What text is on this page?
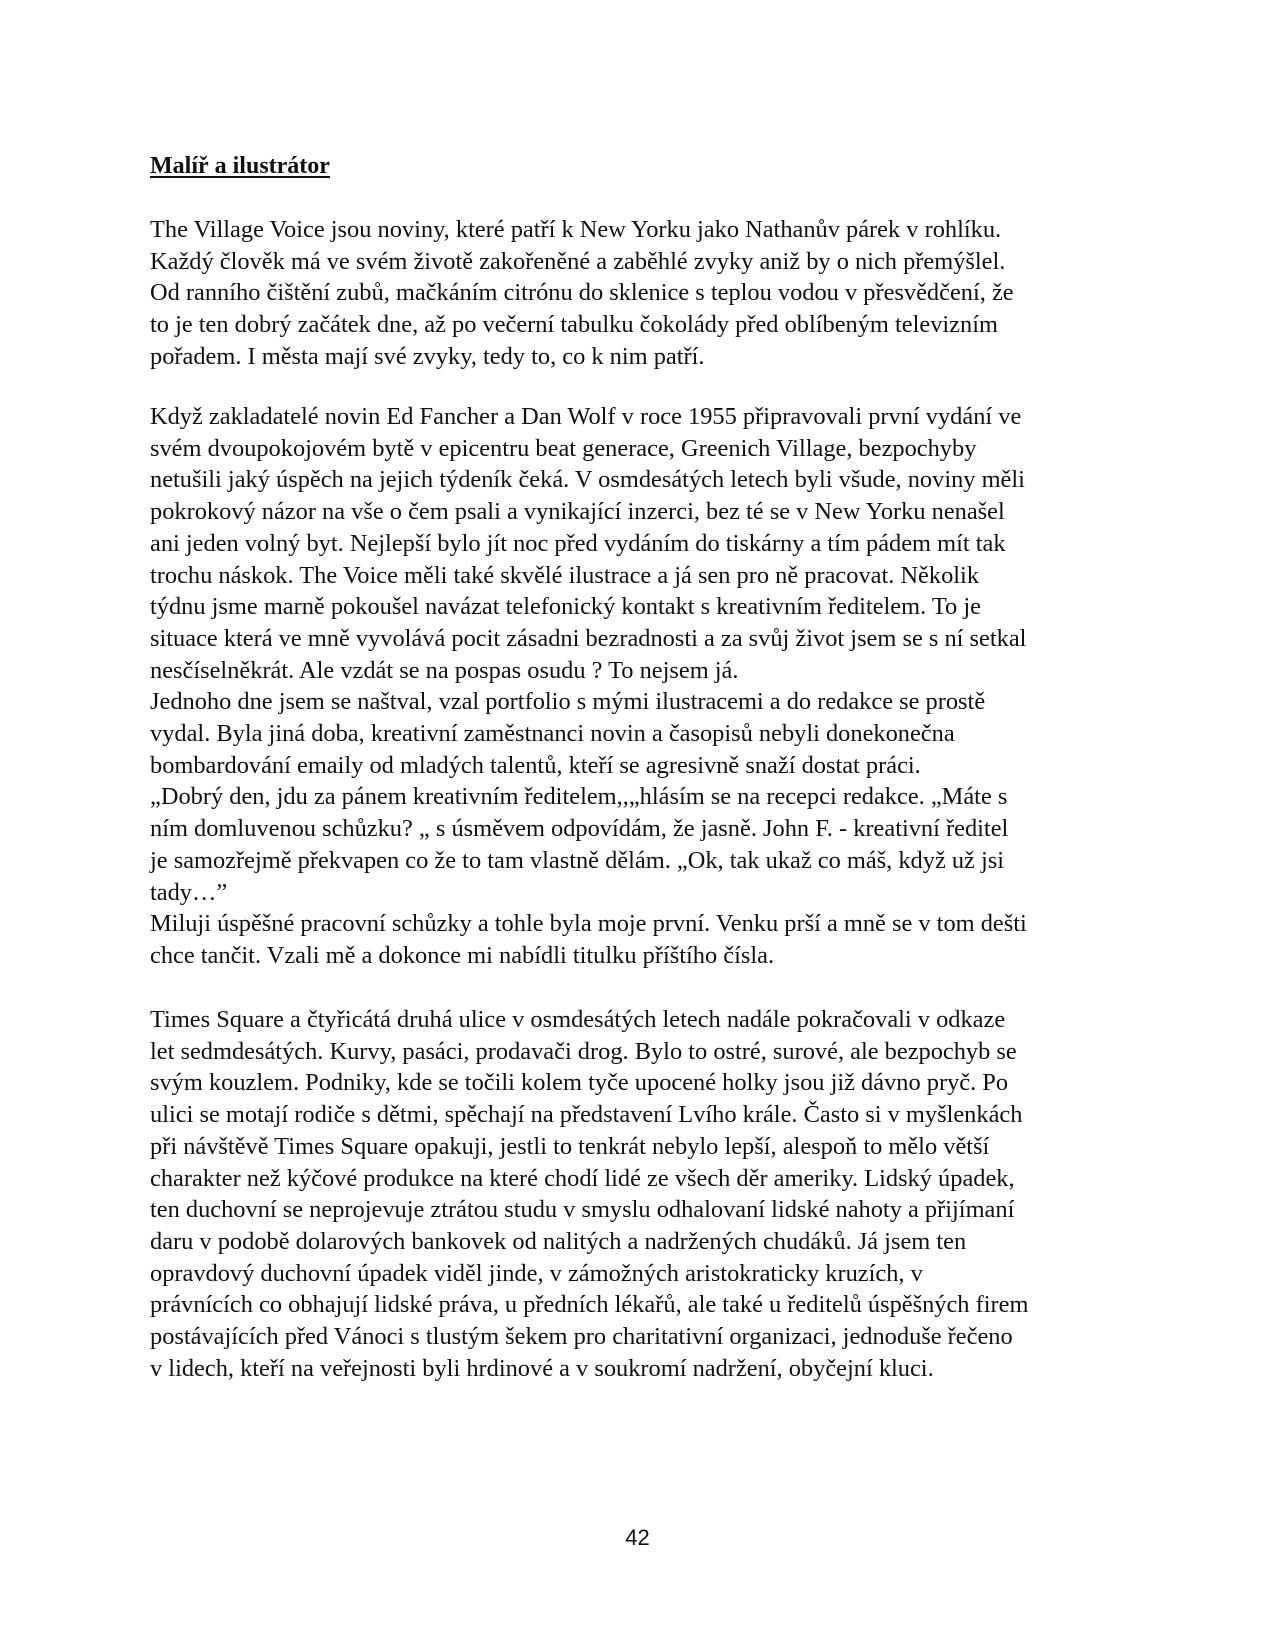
Malíř a ilustrátor

The Village Voice jsou noviny, které patří k New Yorku jako Nathanův párek v rohlíku.

Každý člověk má ve svém životě zakořeněné a zaběhlé zvyky aniž by o nich přemýšlel.

Od ranního čištění zubů, mačkáním citrónu do sklenice s teplou vodou v přesvědčení, že

to je ten dobrý začátek dne, až po večerní tabulku čokolády před oblíbeným televizním

pořadem. I města mají své zvyky, tedy to, co k nim patří.

Když zakladatelé novin Ed Fancher a Dan Wolf v roce 1955 připravovali první vydání ve

svém dvoupokojovém bytě v epicentru beat generace, Greenich Village, bezpochyby

netušili jaký úspěch na jejich týdeník čeká. V osmdesátých letech byli všude, noviny měli

pokrokový názor na vše o čem psali a vynikající inzerci, bez té se v New Yorku nenašel

ani jeden volný byt. Nejlepší bylo jít noc před vydáním do tiskárny a tím pádem mít tak

trochu náskok. The Voice měli také skvělé ilustrace a já sen pro ně pracovat. Několik

týdnu jsme marně pokoušel navázat telefonický kontakt s kreativním ředitelem. To je

situace která ve mně vyvolává pocit zásadni bezradnosti a za svůj život jsem se s ní setkal

nesčíselněkrát. Ale vzdát se na pospas osudu ? To nejsem já.

Jednoho dne jsem se naštval, vzal portfolio s mými ilustracemi a do redakce se prostě

vydal. Byla jiná doba, kreativní zaměstnanci novin a časopisů nebyli donekonečna

bombardování emaily od mladých talentů, kteří se agresivně snaží dostat práci.

„Dobrý den, jdu za pánem kreativním ředitelem,,„hlásím se na recepci redakce. „Máte s

ním domluvenou schůzku? „ s úsměvem odpovídám, že jasně. John F. - kreativní ředitel

je samozřejmě překvapen co že to tam vlastně dělám. „Ok, tak ukaž co máš, když už jsi

tady…”

Miluji úspěšné pracovní schůzky a tohle byla moje první. Venku prší a mně se v tom dešti

chce tančit. Vzali mě a dokonce mi nabídli titulku příštího čísla.

Times Square a čtyřicátá druhá ulice v osmdesátých letech nadále pokračovali v odkaze

let sedmdesátých. Kurvy, pasáci, prodavači drog. Bylo to ostré, surové, ale bezpochyb se

svým kouzlem. Podniky, kde se točili kolem tyče upocené holky jsou již dávno pryč. Po

ulici se motají rodiče s dětmi, spěchají na představení Lvího krále. Často si v myšlenkách

při návštěvě Times Square opakuji, jestli to tenkrát nebylo lepší, alespoň to mělo větší

charakter než kýčové produkce na které chodí lidé ze všech děr ameriky. Lidský úpadek,

ten duchovní se neprojevuje ztrátou studu v smyslu odhalovaní lidské nahoty a přijímaní

daru v podobě dolarových bankovek od nalitých a nadržených chudáků. Já jsem ten

opravdový duchovní úpadek viděl jinde, v zámožných aristokraticky kruzích, v

právnících co obhajují lidské práva, u předních lékařů, ale také u ředitelů úspěšných firem

postávajících před Vánoci s tlustým šekem pro charitativní organizaci, jednoduše řečeno

v lidech, kteří na veřejnosti byli hrdinové a v soukromí nadržení, obyčejní kluci.

42
